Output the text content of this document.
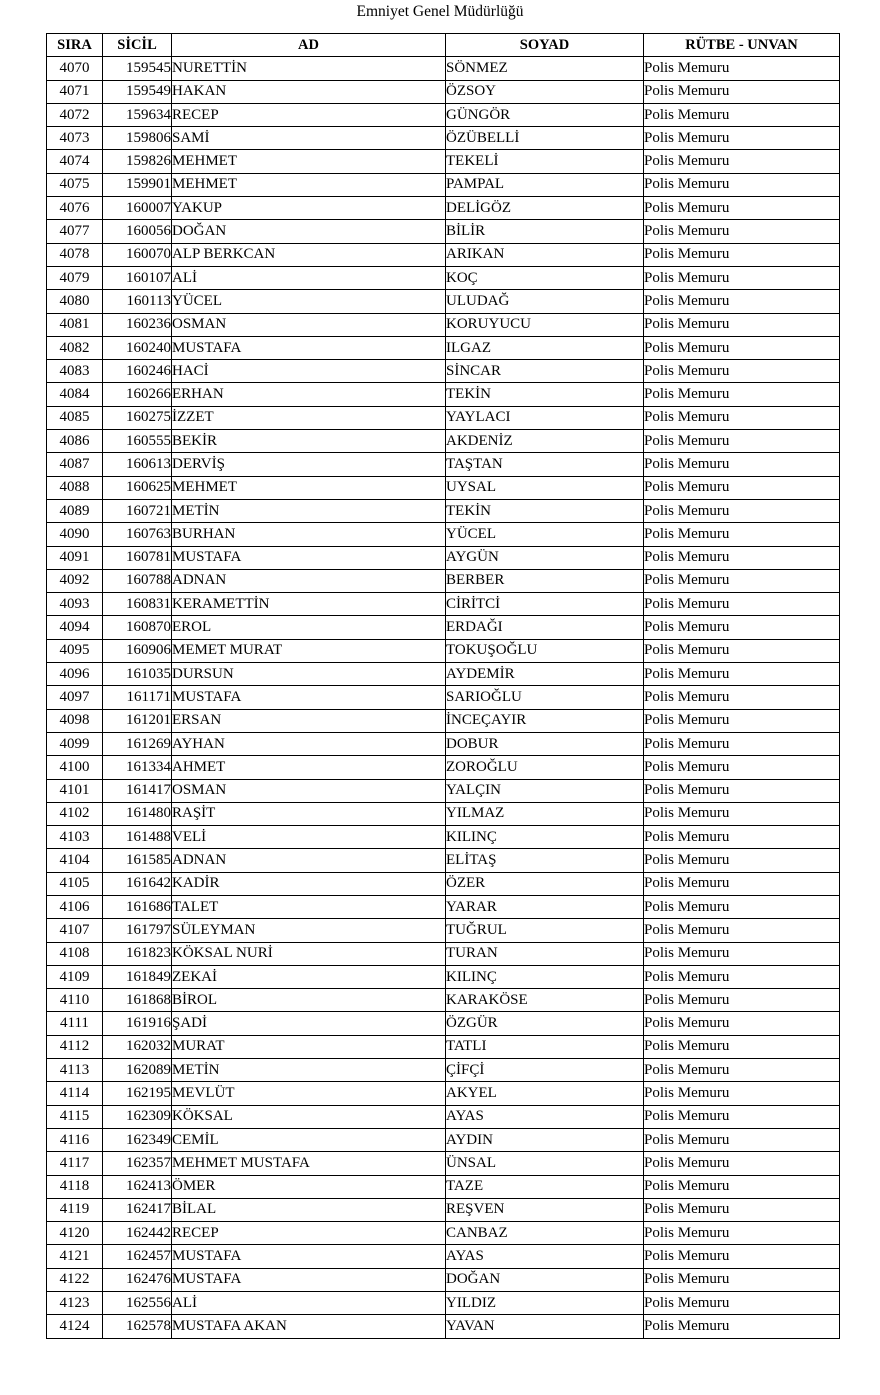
Emniyet Genel Müdürlüğü
SIRA	SİCİL	AD	SOYAD	RÜTBE - UNVAN
4070	159545	NURETTİN	SÖNMEZ	Polis Memuru
4071	159549	HAKAN	ÖZSOY	Polis Memuru
4072	159634	RECEP	GÜNGÖR	Polis Memuru
4073	159806	SAMİ	ÖZÜBELLİ	Polis Memuru
4074	159826	MEHMET	TEKELİ	Polis Memuru
4075	159901	MEHMET	PAMPAL	Polis Memuru
4076	160007	YAKUP	DELİGÖZ	Polis Memuru
4077	160056	DOĞAN	BİLİR	Polis Memuru
4078	160070	ALP BERKCAN	ARIKAN	Polis Memuru
4079	160107	ALİ	KOÇ	Polis Memuru
4080	160113	YÜCEL	ULUDAĞ	Polis Memuru
4081	160236	OSMAN	KORUYUCU	Polis Memuru
4082	160240	MUSTAFA	ILGAZ	Polis Memuru
4083	160246	HACİ	SİNCAR	Polis Memuru
4084	160266	ERHAN	TEKİN	Polis Memuru
4085	160275	İZZET	YAYLACI	Polis Memuru
4086	160555	BEKİR	AKDENİZ	Polis Memuru
4087	160613	DERVİŞ	TAŞTAN	Polis Memuru
4088	160625	MEHMET	UYSAL	Polis Memuru
4089	160721	METİN	TEKİN	Polis Memuru
4090	160763	BURHAN	YÜCEL	Polis Memuru
4091	160781	MUSTAFA	AYGÜN	Polis Memuru
4092	160788	ADNAN	BERBER	Polis Memuru
4093	160831	KERAMETTİN	CİRİTCİ	Polis Memuru
4094	160870	EROL	ERDAĞI	Polis Memuru
4095	160906	MEMET MURAT	TOKUŞOĞLU	Polis Memuru
4096	161035	DURSUN	AYDEMİR	Polis Memuru
4097	161171	MUSTAFA	SARIOĞLU	Polis Memuru
4098	161201	ERSAN	İNCEÇAYIR	Polis Memuru
4099	161269	AYHAN	DOBUR	Polis Memuru
4100	161334	AHMET	ZOROĞLU	Polis Memuru
4101	161417	OSMAN	YALÇIN	Polis Memuru
4102	161480	RAŞİT	YILMAZ	Polis Memuru
4103	161488	VELİ	KILINÇ	Polis Memuru
4104	161585	ADNAN	ELİTAŞ	Polis Memuru
4105	161642	KADİR	ÖZER	Polis Memuru
4106	161686	TALET	YARAR	Polis Memuru
4107	161797	SÜLEYMAN	TUĞRUL	Polis Memuru
4108	161823	KÖKSAL NURİ	TURAN	Polis Memuru
4109	161849	ZEKAİ	KILINÇ	Polis Memuru
4110	161868	BİROL	KARAKÖSE	Polis Memuru
4111	161916	ŞADİ	ÖZGÜR	Polis Memuru
4112	162032	MURAT	TATLI	Polis Memuru
4113	162089	METİN	ÇİFÇİ	Polis Memuru
4114	162195	MEVLÜT	AKYEL	Polis Memuru
4115	162309	KÖKSAL	AYAS	Polis Memuru
4116	162349	CEMİL	AYDIN	Polis Memuru
4117	162357	MEHMET MUSTAFA	ÜNSAL	Polis Memuru
4118	162413	ÖMER	TAZE	Polis Memuru
4119	162417	BİLAL	REŞVEN	Polis Memuru
4120	162442	RECEP	CANBAZ	Polis Memuru
4121	162457	MUSTAFA	AYAS	Polis Memuru
4122	162476	MUSTAFA	DOĞAN	Polis Memuru
4123	162556	ALİ	YILDIZ	Polis Memuru
4124	162578	MUSTAFA AKAN	YAVAN	Polis Memuru
